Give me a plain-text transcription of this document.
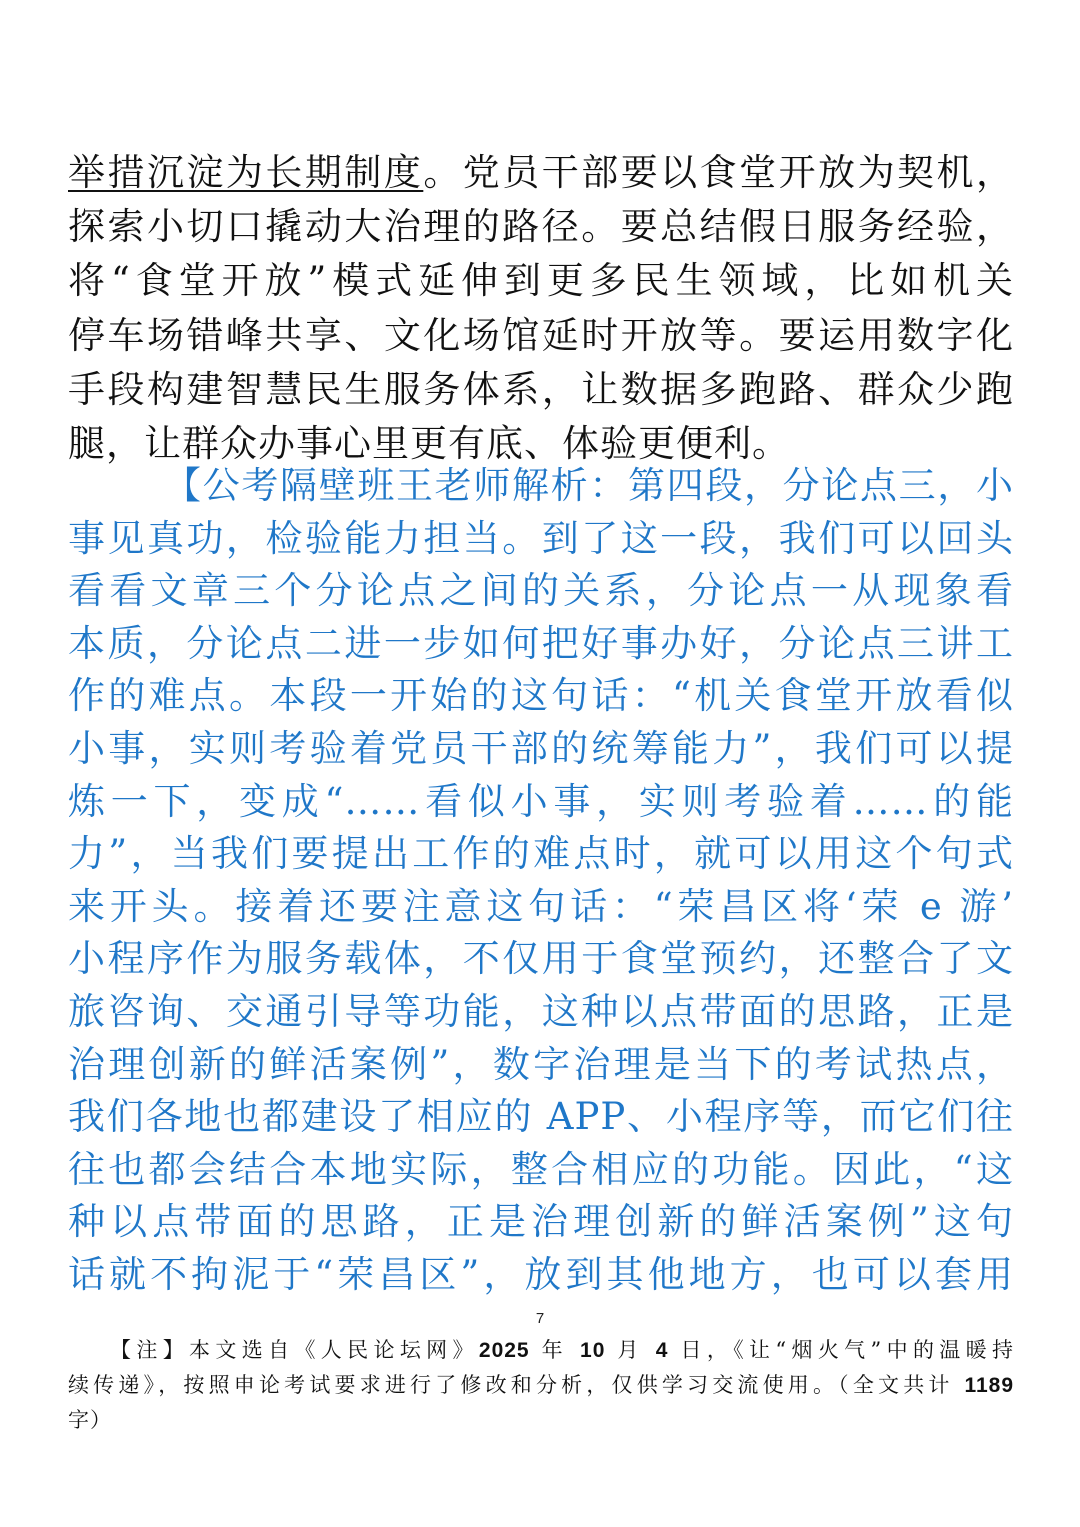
举措沉淀为长期制度。党员干部要以食堂开放为契机，
探索小切口撬动大治理的路径。要总结假日服务经验，
将“食堂开放”模式延伸到更多民生领域，比如机关
停车场错峰共享、文化场馆延时开放等。要运用数字化
手段构建智慧民生服务体系，让数据多跑路、群众少跑
腿，让群众办事心里更有底、体验更便利。
【公考隔壁班王老师解析：第四段，分论点三，小
事见真功，检验能力担当。到了这一段，我们可以回头
看看文章三个分论点之间的关系，分论点一从现象看
本质，分论点二进一步如何把好事办好，分论点三讲工
作的难点。本段一开始的这句话：“机关食堂开放看似
小事，实则考验着党员干部的统筹能力”，我们可以提
炼一下，变成“……看似小事，实则考验着……的能
力”，当我们要提出工作的难点时，就可以用这个句式
来开头。接着还要注意这句话：“荣昌区将‘荣 e 游’
小程序作为服务载体，不仅用于食堂预约，还整合了文
旅咨询、交通引导等功能，这种以点带面的思路，正是
治理创新的鲜活案例”，数字治理是当下的考试热点，
我们各地也都建设了相应的 APP、小程序等，而它们往
往也都会结合本地实际，整合相应的功能。因此，“这
种以点带面的思路，正是治理创新的鲜活案例”这句
话就不拘泥于“荣昌区”，放到其他地方，也可以套用
7
【注】本文选自《人民论坛网》2025 年 10 月 4 日，《让“烟火气”中的温暖持
续传递》，按照申论考试要求进行了修改和分析，仅供学习交流使用。（全文共计 1189
字）
